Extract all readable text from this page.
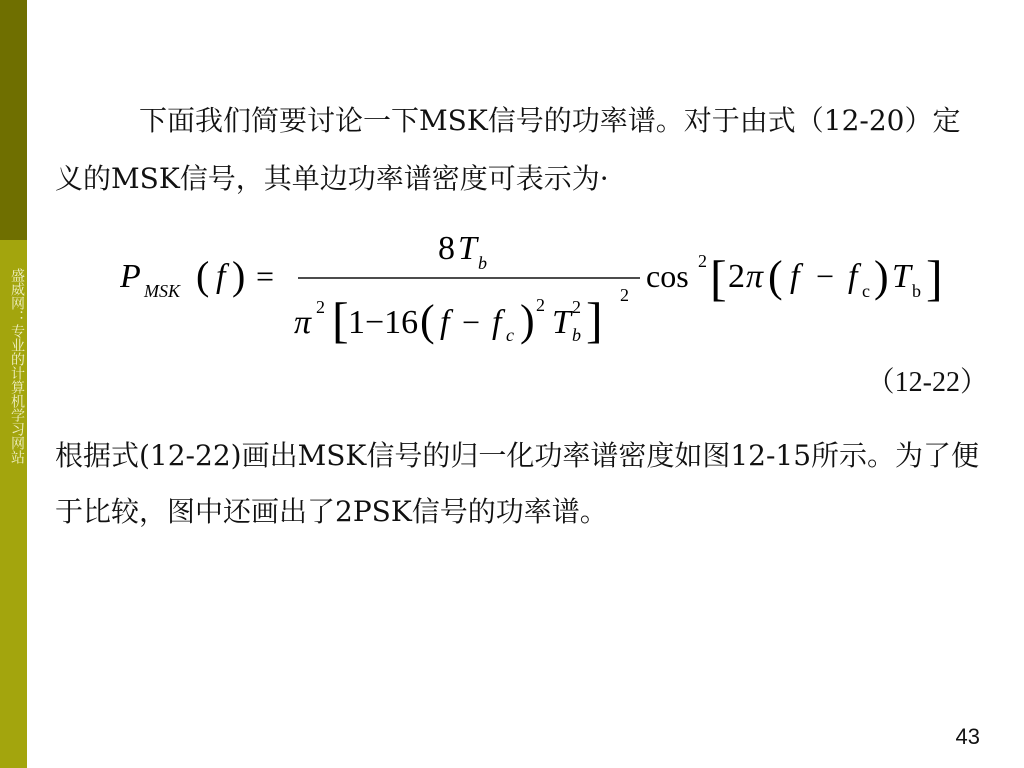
盛威网：专业的计算机学习网站
下面我们简要讨论一下MSK信号的功率谱。对于由式（12-20）定义的MSK信号，其单边功率谱密度可表示为·
P MSK ( f ) =
8 T b
π 2 [ 1−16 ( f − f c ) 2 T 2
b ] 2
cos 2 [ 2 π ( f − f c ) T b ]
（12-22）
根据式(12-22)画出MSK信号的归一化功率谱密度如图12-15所示。为了便于比较，图中还画出了2PSK信号的功率谱。
43
